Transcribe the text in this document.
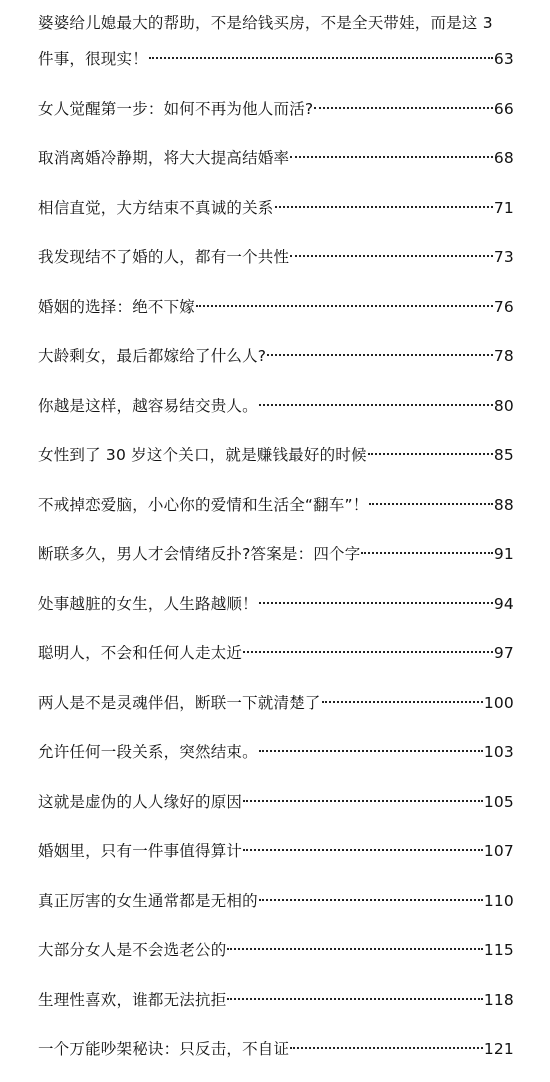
婆婆给儿媳最大的帮助，不是给钱买房，不是全天带娃，而是这 3
件事，很现实！	63
女人觉醒第一步：如何不再为他人而活?	66
取消离婚冷静期，将大大提高结婚率	68
相信直觉，大方结束不真诚的关系	71
我发现结不了婚的人，都有一个共性	73
婚姻的选择：绝不下嫁	76
大龄剩女，最后都嫁给了什么人?	78
你越是这样，越容易结交贵人。	80
女性到了 30 岁这个关口，就是赚钱最好的时候	85
不戒掉恋爱脑，小心你的爱情和生活全“翻车”！	88
断联多久，男人才会情绪反扑?答案是：四个字	91
处事越脏的女生，人生路越顺！	94
聪明人，不会和任何人走太近	97
两人是不是灵魂伴侣，断联一下就清楚了	100
允许任何一段关系，突然结束。	103
这就是虚伪的人人缘好的原因	105
婚姻里，只有一件事值得算计	107
真正厉害的女生通常都是无相的	110
大部分女人是不会选老公的	115
生理性喜欢，谁都无法抗拒	118
一个万能吵架秘诀：只反击，不自证	121
